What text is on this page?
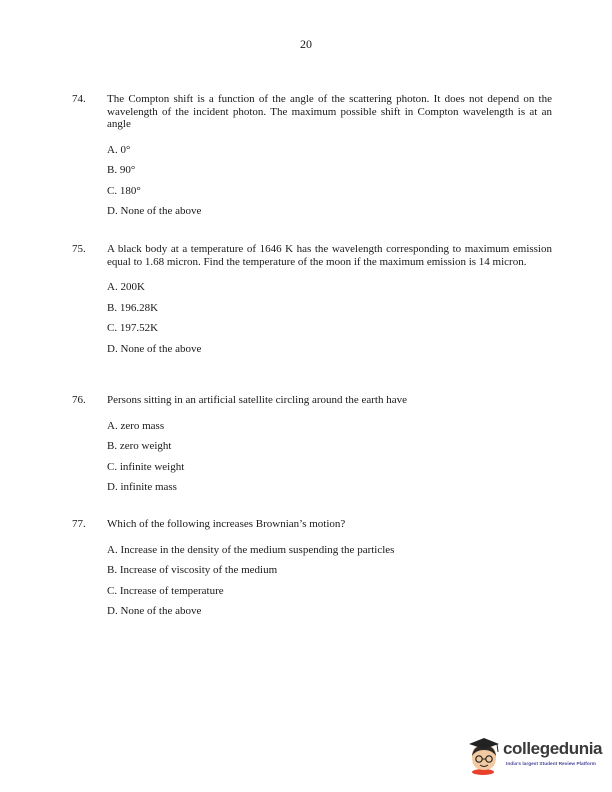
20
74. The Compton shift is a function of the angle of the scattering photon. It does not depend on the wavelength of the incident photon. The maximum possible shift in Compton wavelength is at an angle
A. 0°
B. 90°
C. 180°
D. None of the above
75. A black body at a temperature of 1646 K has the wavelength corresponding to maximum emission equal to 1.68 micron. Find the temperature of the moon if the maximum emission is 14 micron.
A. 200K
B. 196.28K
C. 197.52K
D. None of the above
76. Persons sitting in an artificial satellite circling around the earth have
A. zero mass
B. zero weight
C. infinite weight
D. infinite mass
77. Which of the following increases Brownian’s motion?
A. Increase in the density of the medium suspending the particles
B. Increase of viscosity of the medium
C. Increase of temperature
D. None of the above
collegedunia
India's largest Student Review Platform
